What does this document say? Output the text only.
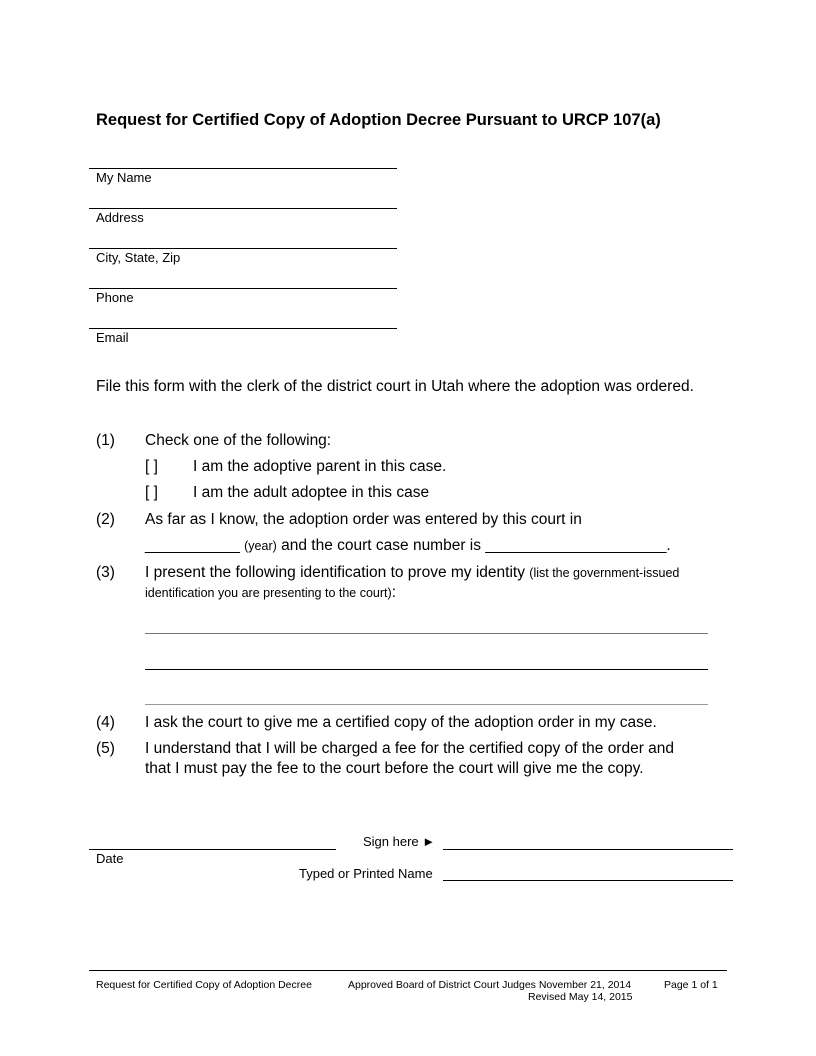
Request for Certified Copy of Adoption Decree Pursuant to URCP 107(a)
My Name
Address
City, State, Zip
Phone
Email
File this form with the clerk of the district court in Utah where the adoption was ordered.
(1) Check one of the following:
[ ] I am the adoptive parent in this case.
[ ] I am the adult adoptee in this case
(2) As far as I know, the adoption order was entered by this court in
___________ (year) and the court case number is _____________________.
(3) I present the following identification to prove my identity (list the government-issued
identification you are presenting to the court):
(4) I ask the court to give me a certified copy of the adoption order in my case.
(5) I understand that I will be charged a fee for the certified copy of the order and
that I must pay the fee to the court before the court will give me the copy.
Sign here ►
Date
Typed or Printed Name
Request for Certified Copy of Adoption Decree	Approved Board of District Court Judges November 21, 2014
Revised May 14, 2015
Page 1 of 1
